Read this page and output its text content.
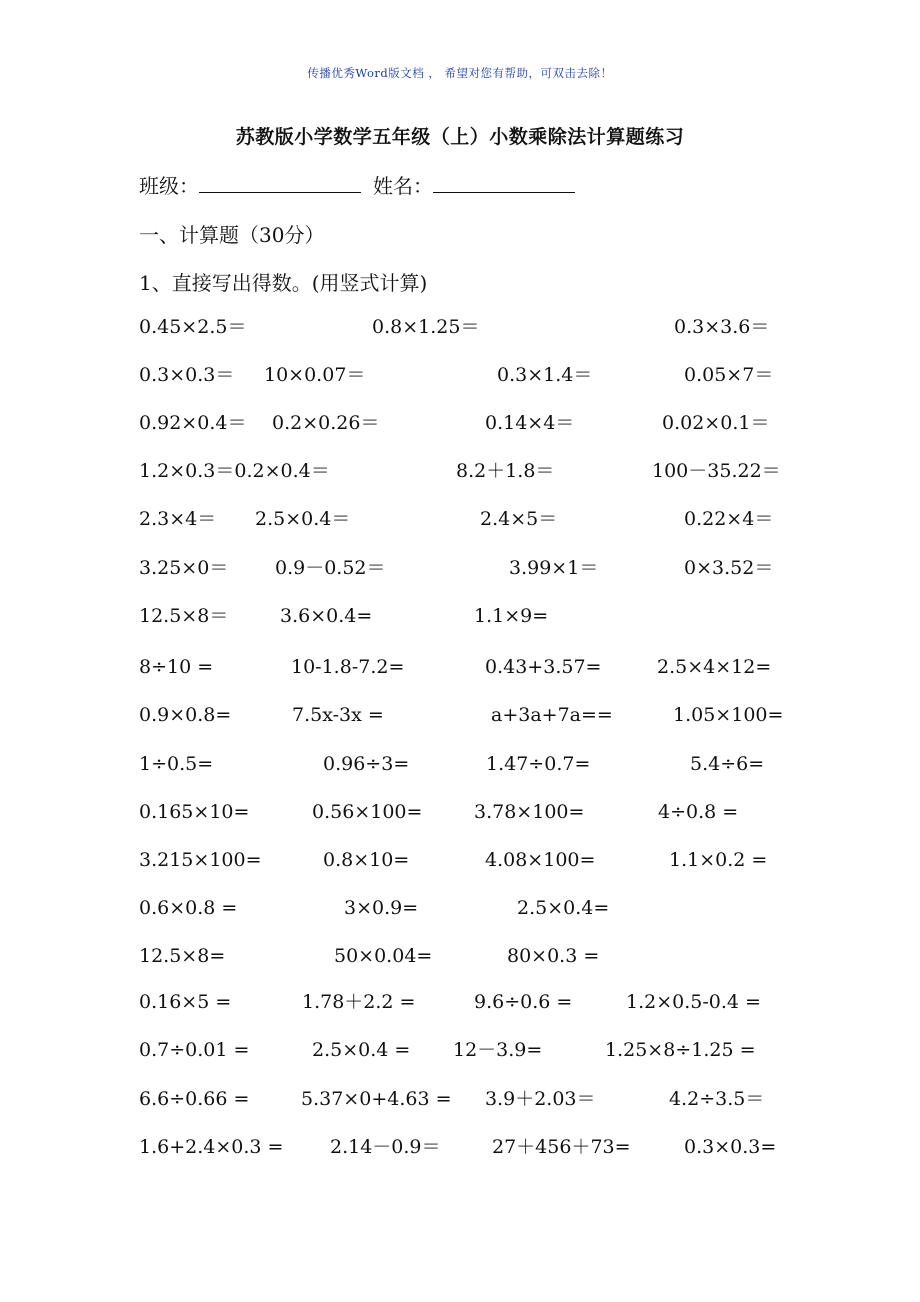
传播优秀Word版文档 ， 希望对您有帮助，可双击去除！
苏教版小学数学五年级（上）小数乘除法计算题练习
班级：	姓名：
一、计算题（30分）
1、直接写出得数。(用竖式计算)
0.45×2.5＝	0.8×1.25＝	0.3×3.6＝
0.3×0.3＝ 10×0.07＝	0.3×1.4＝	0.05×7＝
0.92×0.4＝ 0.2×0.26＝	0.14×4＝	0.02×0.1＝
1.2×0.3＝0.2×0.4＝	8.2＋1.8＝	100－35.22＝
2.3×4＝ 2.5×0.4＝	2.4×5＝	0.22×4＝
3.25×0＝ 0.9－0.52＝	3.99×1＝	0×3.52＝
12.5×8＝	3.6×0.4=	1.1×9=
8÷10 =	10-1.8-7.2=	0.43+3.57=	2.5×4×12=
0.9×0.8=	7.5x-3x =	a+3a+7a==	1.05×100=
1÷0.5=	0.96÷3=	1.47÷0.7=	5.4÷6=
0.165×10=	0.56×100=	3.78×100=	4÷0.8 =
3.215×100=	0.8×10=	4.08×100=	1.1×0.2 =
0.6×0.8 =	3×0.9=	2.5×0.4=
12.5×8=	50×0.04=	80×0.3 =
0.16×5 =	1.78＋2.2 =	9.6÷0.6 =	1.2×0.5-0.4 =
0.7÷0.01 =	2.5×0.4 = 12－3.9=	1.25×8÷1.25 =
6.6÷0.66 =	5.37×0+4.63 = 3.9＋2.03＝	4.2÷3.5＝
1.6+2.4×0.3 = 2.14－0.9＝	27＋456＋73=	0.3×0.3=
